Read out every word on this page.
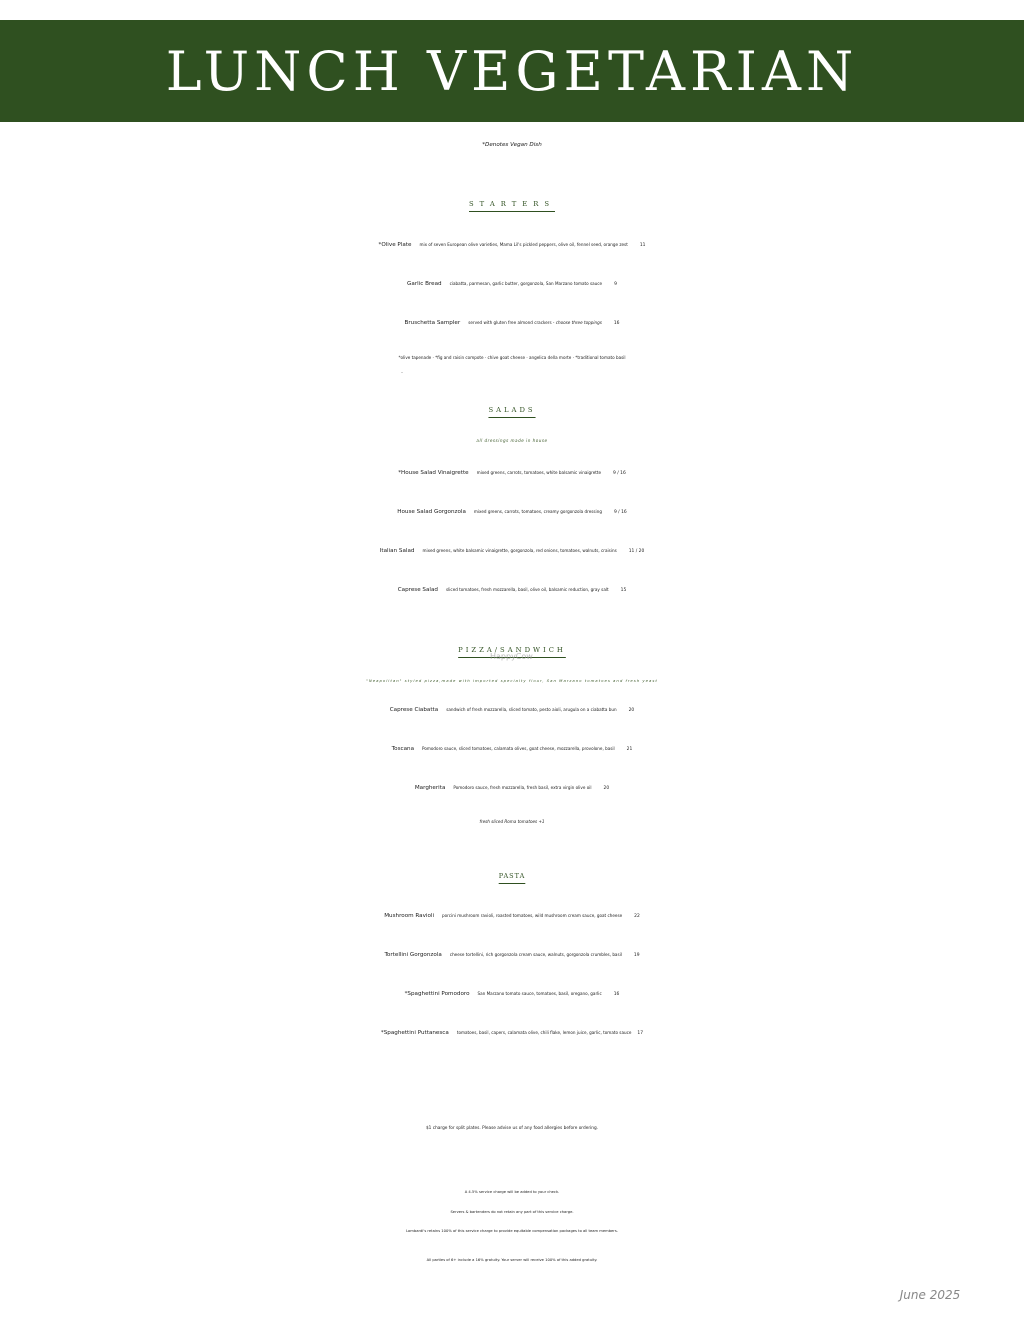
LUNCH VEGETARIAN
*Denotes Vegan Dish
STARTERS
*Olive Plate mix of seven European olive varieties, Mama Lil's pickled peppers, olive oil, fennel seed, orange zest	11
Garlic Bread ciabatta, parmesan, garlic butter, gorgonzola, San Marzano tomato sauce	9
Bruschetta Sampler served with gluten free almond crackers - choose three toppings	16
*olive tapenade · *fig and raisin compote · chive goat cheese · angelica della morte · *traditional tomato basil
-
SALADS
all dressings made in house
*House Salad Vinaigrette mixed greens, carrots, tomatoes, white balsamic vinaigrette	9 / 16
House Salad Gorgonzola mixed greens, carrots, tomatoes, creamy gorgonzola dressing	9 / 16
Italian Salad mixed greens, white balsamic vinaigrette, gorgonzola, red onions, tomatoes, walnuts, craisins	11 / 20
Caprese Salad sliced tomatoes, fresh mozzarella, basil, olive oil, balsamic reduction, gray salt	15
PIZZA/SANDWICH
HappyCow
"Neapolitan" styled pizza,made with imported specialty flour, San Marzano tomatoes and fresh yeast
Caprese Ciabatta sandwich of fresh mozzarella, sliced tomato, pesto aioli, arugula on a ciabatta bun	20
Toscana Pomodoro sauce, sliced tomatoes, calamata olives, goat cheese, mozzarella, provolone, basil	21
Margherita Pomodoro sauce, fresh mozzarella, fresh basil, extra virgin olive oil	20
fresh sliced Roma tomatoes +1
PASTA
Mushroom Ravioli porcini mushroom ravioli, roasted tomatoes, wild mushroom cream sauce, goat cheese	22
Tortellini Gorgonzola cheese tortellini, rich gorgonzola cream sauce, walnuts, gorgonzola crumbles, basil	19
*Spaghettini Pomodoro San Marzano tomato sauce, tomatoes, basil, oregano, garlic	16
*Spaghettini Puttanesca tomatoes, basil, capers, calamata olive, chili flake, lemon juice, garlic, tomato sauce 17
$1 charge for split plates. Please advise us of any food allergies before ordering.
A 4.5% service charge will be added to your check.
Servers & bartenders do not retain any part of this service charge.
Lombardi's retains 100% of this service charge to provide equitable compensation packages to all team members.
All parties of 6+ include a 16% gratuity. Your server will receive 100% of this added gratuity.
June 2025
